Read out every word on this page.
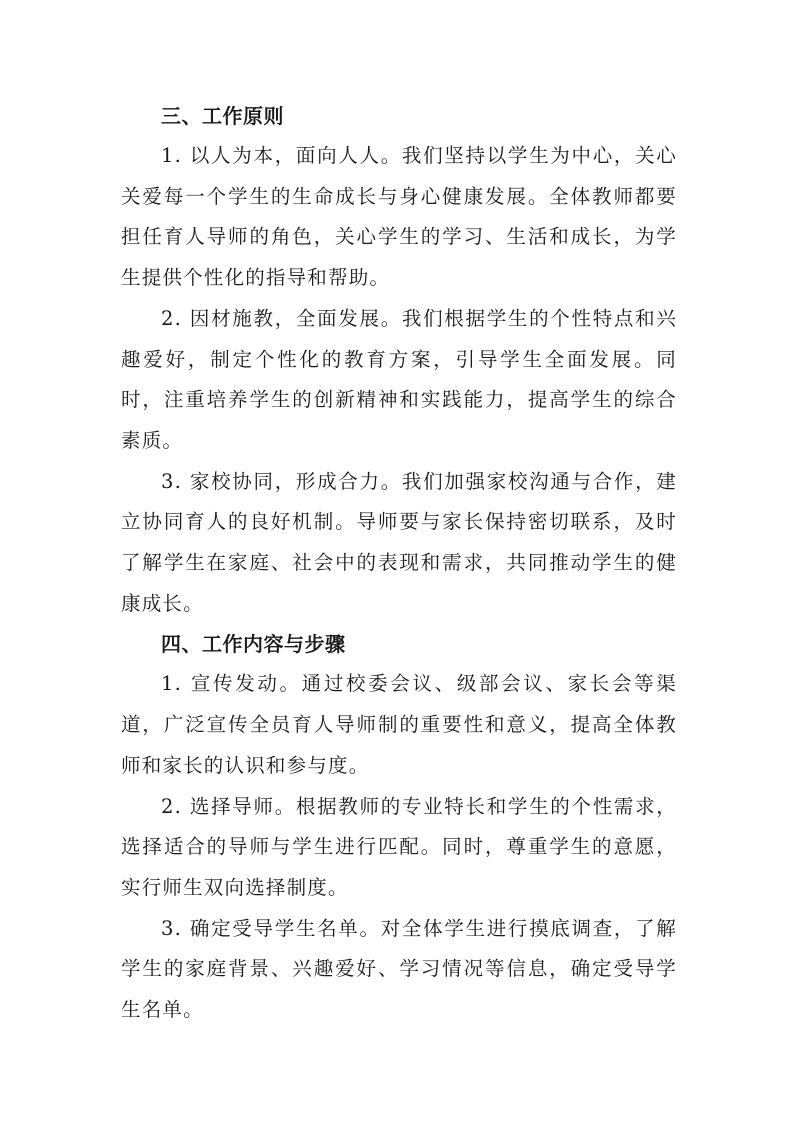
三、工作原则

1. 以人为本，面向人人。我们坚持以学生为中心，关心关爱每一个学生的生命成长与身心健康发展。全体教师都要担任育人导师的角色，关心学生的学习、生活和成长，为学生提供个性化的指导和帮助。

2. 因材施教，全面发展。我们根据学生的个性特点和兴趣爱好，制定个性化的教育方案，引导学生全面发展。同时，注重培养学生的创新精神和实践能力，提高学生的综合素质。

3. 家校协同，形成合力。我们加强家校沟通与合作，建立协同育人的良好机制。导师要与家长保持密切联系，及时了解学生在家庭、社会中的表现和需求，共同推动学生的健康成长。

四、工作内容与步骤

1. 宣传发动。通过校委会议、级部会议、家长会等渠道，广泛宣传全员育人导师制的重要性和意义，提高全体教师和家长的认识和参与度。

2. 选择导师。根据教师的专业特长和学生的个性需求，选择适合的导师与学生进行匹配。同时，尊重学生的意愿，实行师生双向选择制度。

3. 确定受导学生名单。对全体学生进行摸底调查，了解学生的家庭背景、兴趣爱好、学习情况等信息，确定受导学生名单。
